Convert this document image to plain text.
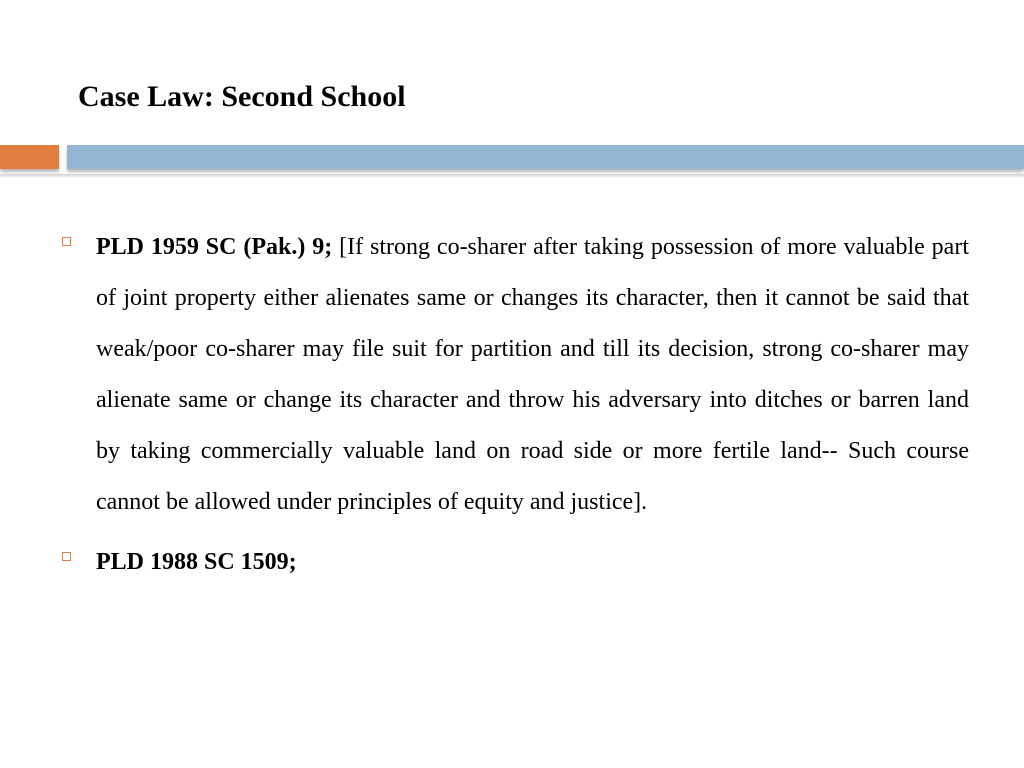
Case Law: Second School
PLD 1959 SC (Pak.) 9; [If strong co-sharer after taking possession of more valuable part of joint property either alienates same or changes its character, then it cannot be said that weak/poor co-sharer may file suit for partition and till its decision, strong co-sharer may alienate same or change its character and throw his adversary into ditches or barren land by taking commercially valuable land on road side or more fertile land-- Such course cannot be allowed under principles of equity and justice].
PLD 1988 SC 1509;
